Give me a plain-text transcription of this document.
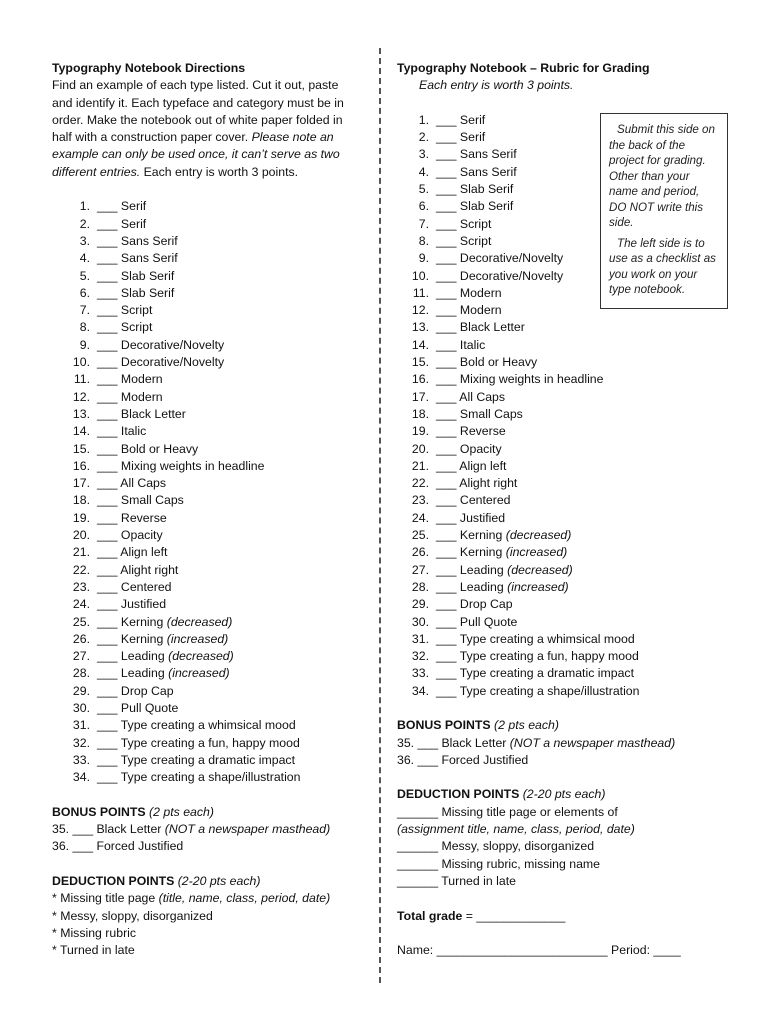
Typography Notebook Directions

Find an example of each type listed. Cut it out, paste and identify it. Each typeface and category must be in order. Make the notebook out of white paper folded in half with a construction paper cover. Please note an example can only be used once, it can’t serve as two different entries. Each entry is worth 3 points.

1. ___ Serif
2. ___ Serif
3. ___ Sans Serif
4. ___ Sans Serif
5. ___ Slab Serif
6. ___ Slab Serif
7. ___ Script
8. ___ Script
9. ___ Decorative/Novelty
10. ___ Decorative/Novelty
11. ___ Modern
12. ___ Modern
13. ___ Black Letter
14. ___ Italic
15. ___ Bold or Heavy
16. ___ Mixing weights in headline
17. ___ All Caps
18. ___ Small Caps
19. ___ Reverse
20. ___ Opacity
21. ___ Align left
22. ___ Alight right
23. ___ Centered
24. ___ Justified
25. ___ Kerning (decreased)
26. ___ Kerning (increased)
27. ___ Leading (decreased)
28. ___ Leading (increased)
29. ___ Drop Cap
30. ___ Pull Quote
31. ___ Type creating a whimsical mood
32. ___ Type creating a fun, happy mood
33. ___ Type creating a dramatic impact
34. ___ Type creating a shape/illustration

BONUS POINTS (2 pts each)

35. ___ Black Letter (NOT a newspaper masthead)

36. ___ Forced Justified

DEDUCTION POINTS (2-20 pts each)

* Missing title page (title, name, class, period, date)

* Messy, sloppy, disorganized

* Missing rubric

* Turned in late

Typography Notebook – Rubric for Grading
Each entry is worth 3 points.
1. ___ Serif
2. ___ Serif
3. ___ Sans Serif
4. ___ Sans Serif
5. ___ Slab Serif
6. ___ Slab Serif
7. ___ Script
8. ___ Script
9. ___ Decorative/Novelty
10. ___ Decorative/Novelty
11. ___ Modern
12. ___ Modern
13. ___ Black Letter
14. ___ Italic
15. ___ Bold or Heavy
16. ___ Mixing weights in headline
17. ___ All Caps
18. ___ Small Caps
19. ___ Reverse
20. ___ Opacity
21. ___ Align left
22. ___ Alight right
23. ___ Centered
24. ___ Justified
25. ___ Kerning (decreased)
26. ___ Kerning (increased)
27. ___ Leading (decreased)
28. ___ Leading (increased)
29. ___ Drop Cap
30. ___ Pull Quote
31. ___ Type creating a whimsical mood
32. ___ Type creating a fun, happy mood
33. ___ Type creating a dramatic impact
34. ___ Type creating a shape/illustration

BONUS POINTS (2 pts each)

35. ___ Black Letter (NOT a newspaper masthead)

36. ___ Forced Justified

DEDUCTION POINTS (2-20 pts each)

______ Missing title page or elements of

(assignment title, name, class, period, date)

______ Messy, sloppy, disorganized

______ Missing rubric, missing name

______ Turned in late

Total grade = _____________

Name: _________________________ Period: ____

Submit this side on the back of the project for grading. Other than your name and period, DO NOT write this side.

The left side is to use as a checklist as you work on your type notebook.
